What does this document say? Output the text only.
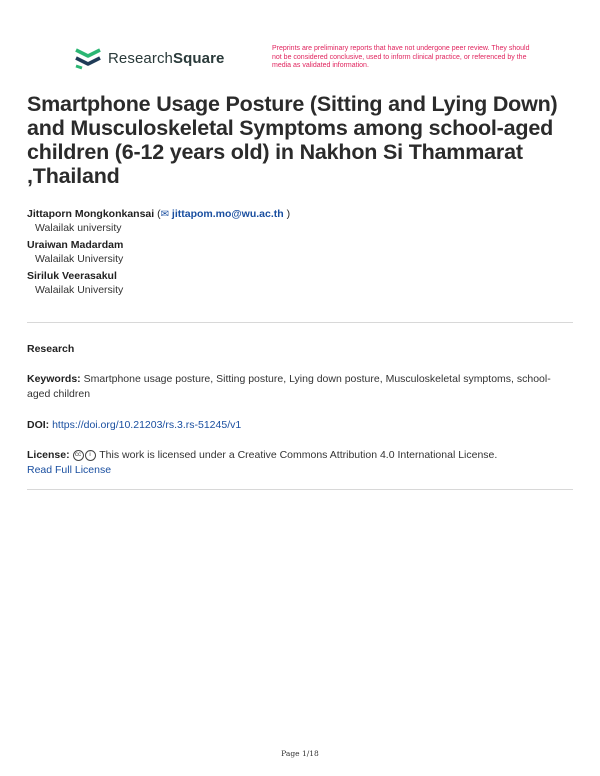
ResearchSquare
Preprints are preliminary reports that have not undergone peer review. They should not be considered conclusive, used to inform clinical practice, or referenced by the media as validated information.
Smartphone Usage Posture (Sitting and Lying Down) and Musculoskeletal Symptoms among school-aged children (6-12 years old) in Nakhon Si Thammarat ,Thailand
Jittaporn Mongkonkansai (✉ jittapom.mo@wu.ac.th )
Walailak university
Uraiwan Madardam
Walailak University
Siriluk Veerasakul
Walailak University
Research
Keywords: Smartphone usage posture, Sitting posture, Lying down posture, Musculoskeletal symptoms, school-aged children
DOI: https://doi.org/10.21203/rs.3.rs-51245/v1
License: cc i This work is licensed under a Creative Commons Attribution 4.0 International License.
Read Full License
Page 1/18
